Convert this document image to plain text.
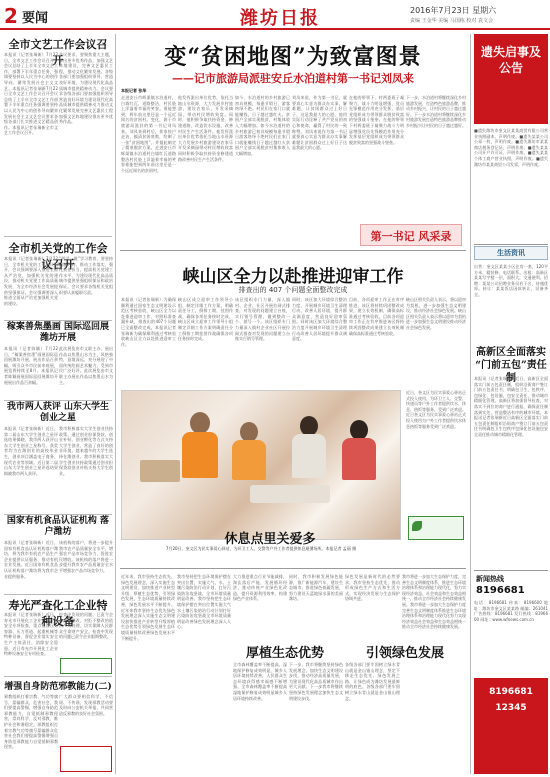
2 要闻	潍坊日报	2016年7月23日 星期六
责编 王金华 美编 马国栋 校对 袁文会
全市文艺工作会议召开
本报讯（记者张瑞新）7月22日，全市文艺工作会议召开，会议总结了上半年全市文艺工作，部署下半年重点任务，强调要坚持以人民为中心的创作导向，繁荣发展社会主义文艺。本报讯记者张瑞新7月22日全市文艺工作会议召开会议总结了上半年全市文艺工作部署下半年重点任务强调要坚持以人民为中心的创作导向繁荣发展社会主义文艺会议要求各级各部门扎实推进文艺精品创作。本报讯记者张瑞新全市文艺工作会议召开。
会议要求，要聚焦重大主题，推出更多优秀作品，加强文艺阵地建设，完善文艺惠民工程，推动文化繁荣发展。各级各部门要加强组织领导，营造良好环境，为建设现代化高品质城市提供精神动力。会议要求各级各部门要加强组织领导营造良好环境为建设现代化高品质城市提供精神动力推动文化繁荣发展完善文艺惠民工程加强文艺阵地建设推出更多优秀作品。
全市机关党的工作会议召开
本报讯（记者张瑞新）7月22日，全市机关党的工作会议召开，会议强调要深入推进全面从严治党，加强机关党的建设，推动机关党建工作高质量发展，为全市经济社会发展提供坚强保证。会议强调要深入推进全面从严治党加强机关党的建设。
“两学一做”学习教育，要坚持问题导向，推动工作落实，强化责任担当，提高机关党建工作水平，为建设现代化高品质城市提供坚强组织保证和政治保证。会议要求各级机关党组织要认真履职尽责。
稼案善焦墨画 国际巡回展潍坊开展
本报讯（记者陈颖）7月22日，“稼案善焦墨”画展国际巡回展潍坊开展，展出作品百余幅，吸引众多市民前来观展，展览将持续至8月。本报讯记者陈颖画展国际巡回展潍坊开展展出作品百余幅。
此次展览由市文联主办，展出作品以焦墨山水为主，风格独特，意境深远，充分展现了中国传统绘画艺术魅力，受到市民广泛好评。此次展览由市文联主办展出作品以焦墨山水为主。
我市两人获评 山东大学生创业之星
本报讯（记者张瑞新）近日，第二届山东大学生创业之星评选结果揭晓，我市两人获评山东大学生创业之星称号，获奖者均为在潍创业的高校毕业生，创业项目涵盖电子商务、现代农业等领域。近日第二届山东大学生创业之星评选结果揭晓我市两人获评。
我市积极落实大学生创业扶持政策，通过创业担保贷款、创业补贴、创业孵化等方式支持大学生创业，营造了良好的创业环境，越来越多的大学生选择在潍创业。我市积极落实大学生创业扶持政策通过创业担保贷款创业补贴支持大学生创业。
国家有机食品认证机构 落户潍坊
本报讯（记者张瑞新）近日，国家有机食品认证机构落户潍坊，将为我市有机农产品生产企业提供认证服务，推动有机农业发展。近日国家有机食品认证机构落户潍坊将为我市企业提供服务。
该机构的落户，将进一步提升我市农产品质量安全水平，增强农产品市场竞争力，促进农民增收。该机构的落户将进一步提升我市农产品质量安全水平增强农产品市场竞争力。
寿光严查化工企业特种设备
本报讯（记者张瑞新）近日，寿光市开展化工企业特种设备安全专项检查，重点检查压力容器、压力管道、起重机械等特种设备，督促企业落实安全生产主体责任，消除安全隐患。近日寿光市开展化工企业特种设备安全专项检查。
检查中发现的问题，已责令企业限期整改，对拒不整改的依法严肃处理，切实保障人民群众生命财产安全。检查中发现的问题已责令企业限期整改。
增强自身防范邪教能力(二)
邪教组织打着宗教、气功等旗号，蒙骗群众，危害社会，我们要提高警惕，增强自身防范邪教能力，自觉抵制邪教侵害，崇尚科学，反对邪教，维护社会和谐稳定。邪教组织打着宗教气功等旗号蒙骗群众危害社会我们要提高警惕增强自身防范邪教能力自觉抵制邪教侵害。
广大群众要相信科学，不信谣、不传谣，发现邪教活动要及时向公安机关举报，共同营造反邪教的良好社会氛围。
变“贫困地图”为致富图景
——记市旅游局派驻安丘水泊道村第一书记刘凤来
本报记者 张华
走进安丘市辉渠镇水泊道村，白墙红瓦，道路整洁，村民脸上洋溢着幸福的笑容。谁能想到，两年前这里还是一个远近闻名的贫困村。变化，源于市旅游局派驻的第一书记刘凤来。刘凤来到村后，挨家挨户走访，摸清贫困底数，绘制了一张“贫困地图”，并据此制定了精准脱贫方案。走进安丘市辉渠镇水泊道村白墙红瓦道路整洁村民脸上洋溢着幸福的笑容谁能想到两年前这里还是一个远近闻名的贫困村。
他发挥派出单位优势，依托当地山水资源，大力发展乡村旅游，建设农家乐，开发采摘园，带动村民增收致富。同时，他积极争取扶持资金，修建道路，改造饮水设施，改善村民生产生活条件。他发挥派出单位优势依托当地山水资源大力发展乡村旅游建设农家乐开发采摘园带动村民增收致富同时积极争取扶持资金修建道路改善村民生产生活条件。
如今，水泊道村的乡村旅游已初具规模，每逢节假日，游客络绎不绝。村民们在家门口就能赚钱，日子越过越红火。贫困户全部实现脱贫，村集体收入大幅增加。如今水泊道村的乡村旅游已初具规模每逢节假日游客络绎不绝村民们在家门口就能赚钱日子越过越红火贫困户全部实现脱贫村集体收入大幅增加。
刘凤来说，作为第一书记，就要真心实意为群众办实事、解难题，让贫困群众过上好日子，这是我最大的心愿。他用实际行动诠释了共产党员的初心和使命，赢得了村民的一致称赞。刘凤来说作为第一书记就要真心实意为群众办实事解难题让贫困群众过上好日子这是我最大的心愿。
在他的带领下，村两委班子凝聚力、战斗力明显增强，党员先锋模范作用充分发挥，基层党组织成为带领群众脱贫致富的坚强战斗堡垒。在他的带领下村两委班子凝聚力战斗力明显增强党员先锋模范作用充分发挥基层党组织成为带领群众脱贫致富的坚强战斗堡垒。
下一步，水泊道村将继续深化乡村旅游发展，打造特色旅游品牌，推动乡村振兴，让村民的日子越过越好。下一步水泊道村将继续深化乡村旅游发展打造特色旅游品牌推动乡村振兴让村民的日子越过越好。
第一书记 风采录
峡山区全力以赴推进迎审工作
排查出的 407 个问题全面整改完成
本报讯（记者张瑞新）为确保顺利通过国家生态文明建设示范区考核验收，峡山区全力以赴推进迎审工作，对照标准查漏补缺，排查出的407个问题已全面整改完成。本报讯记者张瑞新为确保顺利通过考核验收峡山区全力以赴推进迎审工作。
峡山区成立迎审工作领导小组，制定详细工作方案，明确责任分工，倒排工期，挂图作战，确保各项任务按时完成。峡山区成立迎审工作领导小组制定详细工作方案明确责任分工倒排工期挂图作战确保各项任务按时完成。
该区组织专门力量，深入镇村、企业、社区开展拉网式排查，对发现的问题建立台账，实行销号管理，做到整改一个、销号一个。该区组织专门力量深入镇村企业社区开展拉网式排查对发现的问题建立台账实行销号管理。
同时，该区加大环境综合整治力度，开展城乡环境卫生清理行动，改善人居环境，提升群众满意度，营造良好迎审氛围。同时该区加大环境综合整治力度开展城乡环境卫生清理行动改善人居环境提升群众满意度。
目前，各项迎审工作正在有序推进，该区将持续巩固整改成果，建立长效机制，确保高标准通过考核验收。目前各项迎审工作正在有序推进该区将持续巩固整改成果建立长效机制确保高标准通过考核验收。
峡山区相关负责人表示，将以迎审为契机，进一步加强生态文明建设，推动经济社会绿色发展。峡山区相关负责人表示将以迎审为契机进一步加强生态文明建设推动经济社会绿色发展。
休息点里关爱多
7月20日，奎文区为民实事爱心驿站，为环卫工人、交警等户外工作者提供休息避暑场所。本报记者 孟丽 摄
近日，奎文区为民实事爱心驿站正式投入使用，为环卫工人、交警、快递员等户外工作者提供饮水、休息、热饭等服务，受到广泛欢迎。近日奎文区为民实事爱心驿站正式投入使用为户外工作者提供饮水休息热饭等服务受到广泛欢迎。
近年来，我市坚持生态优先、绿色发展理念，深入实施生态文明建设，加快推进产业转型升级，厚植生态优势，引领绿色发展，生态环境质量持续改善，绿色发展水平不断提升。近年来我市坚持生态优先绿色发展理念深入实施生态文明建设加快推进产业转型升级厚植生态优势引领绿色发展生态环境质量持续改善绿色发展水平不断提升。
我市坚持把生态环境保护摆在突出位置，实施大气、水、土壤污染防治行动计划，打好污染防治攻坚战，全市环境质量明显改善。我市坚持把生态环境保护摆在突出位置实施大气水土壤污染防治行动计划打好污染防治攻坚战全市环境质量明显改善绿色发展理念深入人心。
厚植生态优势
大力推进重点行业节能减排，淘汰落后产能，发展循环经济，推动传统产业绿色化改造，提升资源利用效率，构建绿色产业体系。
全市森林覆盖率不断提高，湿地保护修复成效明显，城乡人居环境持续改善，人民群众生态环境获得感幸福感不断增强。全市森林覆盖率不断提高湿地保护修复成效明显城乡人居环境持续改善。
同时，我市积极发展绿色能源，推广新能源汽车，建设生态城市，推进绿色低碳发展，努力建设天蓝地绿水清的美丽潍坊。
下一步，我市将继续坚持绿色发展理念，加快生态文明建设步伐，推动经济高质量发展，为建设现代化高品质城市作出更大贡献。下一步我市将继续坚持绿色发展理念加快生态文明建设步伐。	引领绿色发展
绿色发展是新时代的必然要求，我市坚持生态优先，推动形成绿色生产方式和生活方式，实现经济发展与生态保护协调共进。
各级各部门要牢固树立绿水青山就是金山银山理念，坚定不移走生态优先、绿色发展之路，让绿色成为潍坊发展最鲜明的底色。各级各部门要牢固树立绿水青山就是金山银山理念。
我市将进一步加大生态保护力度，完善生态文明制度体系，推进生态环境治理体系和治理能力现代化，努力实现经济效益、社会效益和生态效益相统一，推动全市经济社会持续健康发展。我市将进一步加大生态保护力度完善生态文明制度体系推进生态环境治理体系和治理能力现代化努力实现经济效益社会效益和生态效益相统一推动全市经济社会持续健康发展。
遗失启事及公告
■遗失潍坊市奎文区某某商贸有限公司营业执照副本，声明作废。■遗失某某公司公章一枚，声明作废。■遗失潍坊市某某商店税务登记证，声明作废。■遗失某某公司开户许可证，声明作废。■遗失某某个体工商户营业执照，声明作废。■遗失潍坊市某某商贸公司发票，声明作废。
生活资讯
出售：奎文区某某小区住房一套，120平方米，精装修，电话联系。出租：高新区某某写字楼一层，面积大，交通便利。招聘：某某公司招聘业务员若干名，待遇优厚。转让：某某饭店因故转让，设备齐全。
高新区全面落实 “门前五包”责任制
本报讯（记者张瑞新）近日，高新区全面落实门前五包责任制，组织沿街商户签订门前五包责任书，明确包卫生、包秩序、包绿化、包设施、包安全责任，推动城市精细化管理。高新区将加强督导检查，对落实不到位的商户进行通报，确保责任制落到实处，营造整洁有序的城市环境。本报讯记者张瑞新近日高新区全面落实门前五包责任制组织沿街商户签订门前五包责任书明确包卫生包秩序包绿化包设施包安全责任推动城市精细化管理。
新闻热线
8196681
电话：8196681 传真：8196600 地址：潍坊市奎文区某某路 邮编：261041 广告热线：8196681 发行热线：8196600 网址：www.wfnews.com.cn
8196681
12345
